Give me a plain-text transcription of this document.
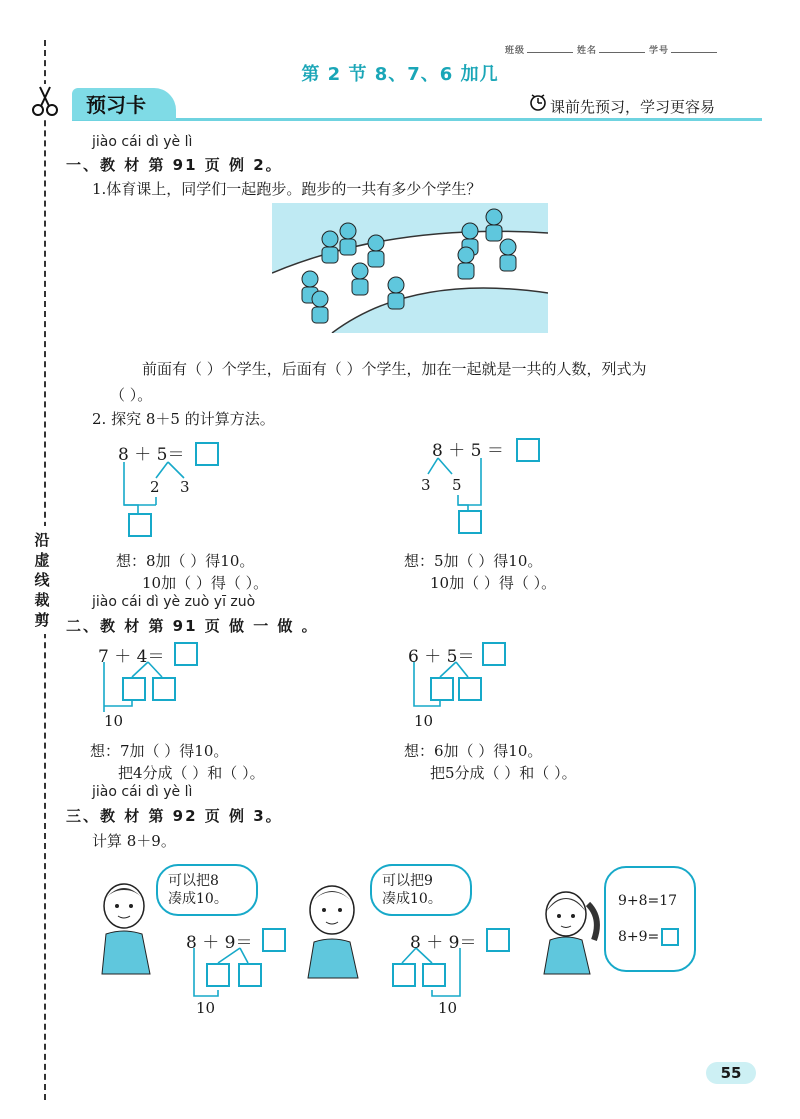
沿虚线裁剪
班级	姓名	学号
第 2 节 8、7、6 加几
预习卡	课前先预习，学习更容易
jiào cái dì yè lì
一、教 材 第 91 页 例 2。
1.体育课上，同学们一起跑步。跑步的一共有多少个学生？
前面有（ ）个学生，后面有（ ）个学生，加在一起就是一共的人数，列式为
（ ）。
2. 探究 8＋5 的计算方法。
8 ＋ 5＝
2 3
想：8加（ ）得10。
10加（ ）得（ ）。
8 ＋ 5 ＝
3 5
想：5加（ ）得10。
10加（ ）得（ ）。
jiào cái dì yè zuò yī zuò
二、教 材 第 91 页 做 一 做 。
7 ＋ 4＝
10
想：7加（ ）得10。
把4分成（ ）和（ ）。
6 ＋ 5＝
10
想：6加（ ）得10。
把5分成（ ）和（ ）。
jiào cái dì yè lì
三、教 材 第 92 页 例 3。
计算 8＋9。
可以把8
凑成10。
可以把9
凑成10。	9+8=17

8+9=

8 ＋ 9＝
10
8 ＋ 9＝
10
55
